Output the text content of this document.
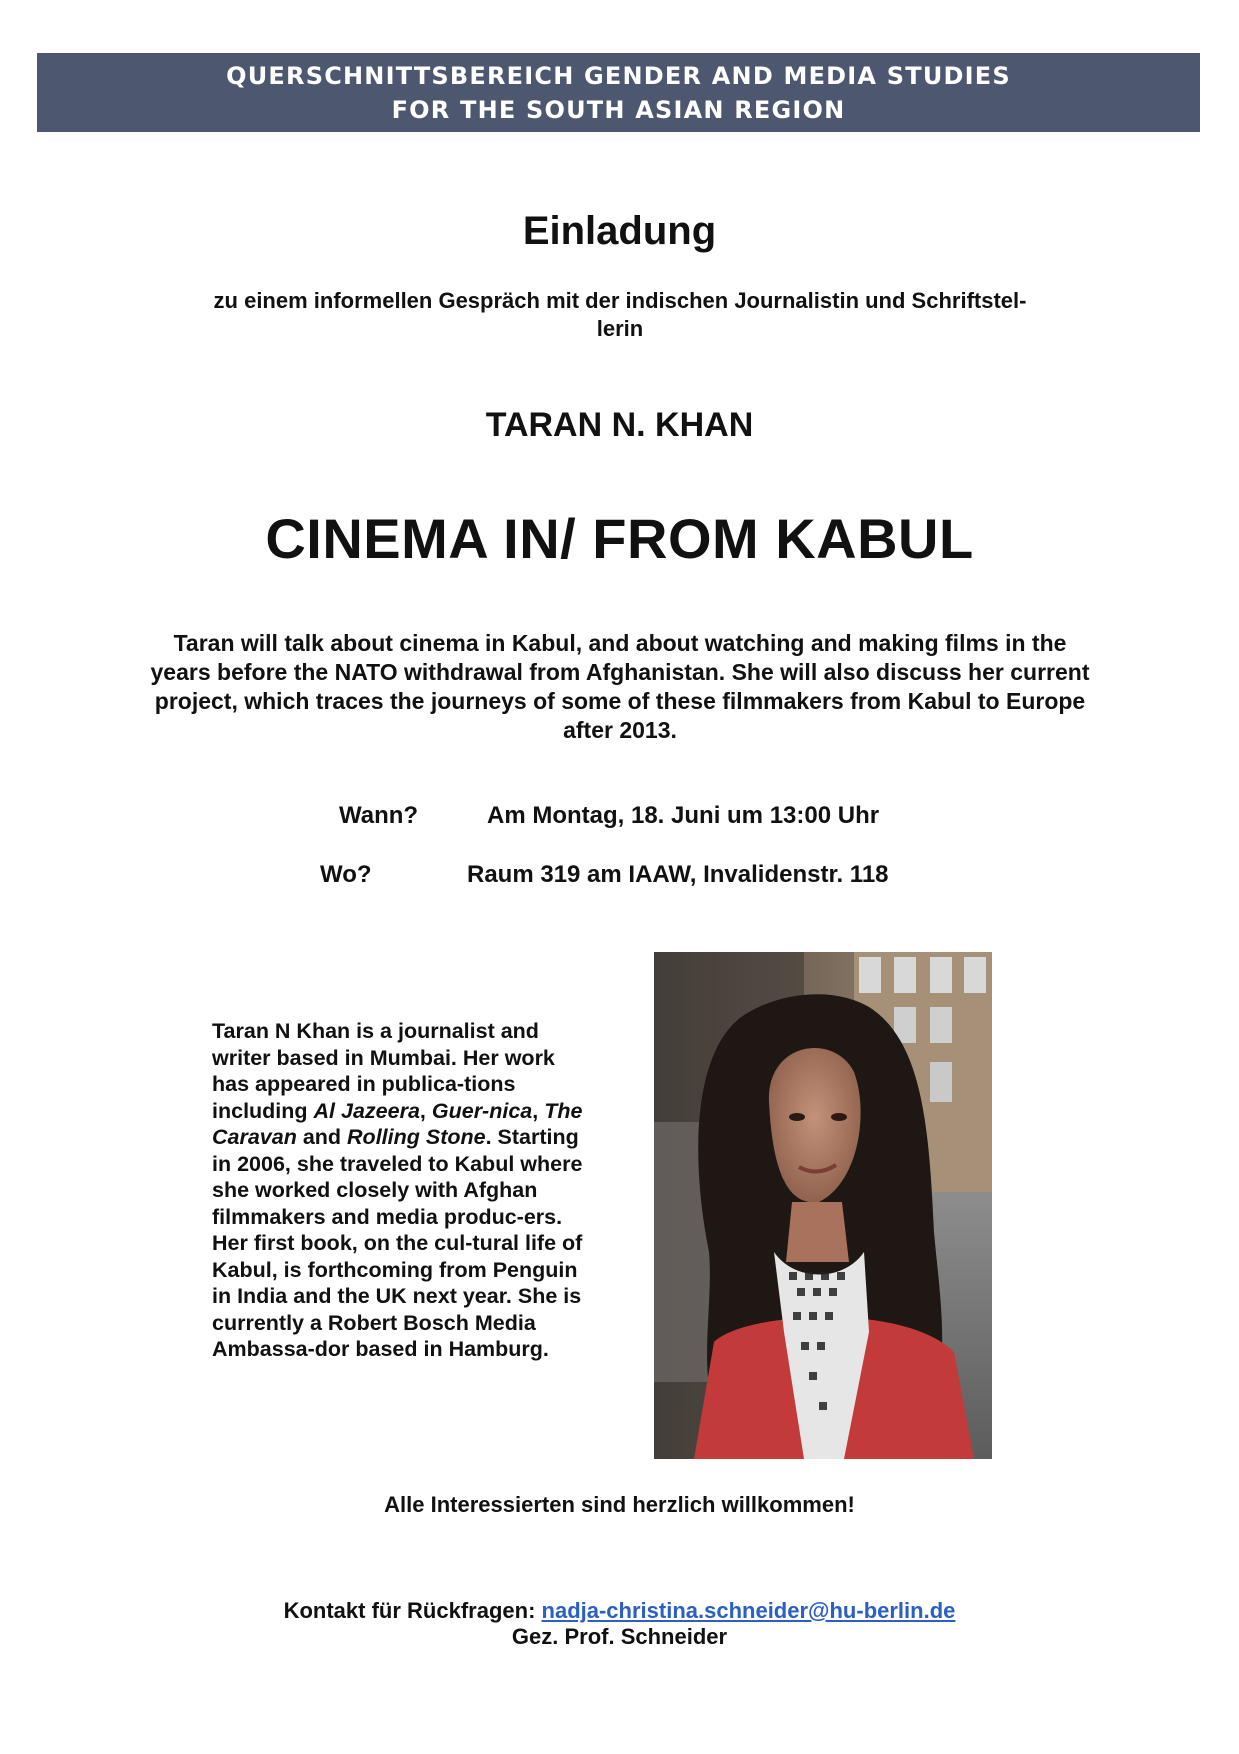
QUERSCHNITTSBEREICH GENDER AND MEDIA STUDIES
FOR THE SOUTH ASIAN REGION
Einladung
zu einem informellen Gespräch mit der indischen Journalistin und Schriftstel-
lerin
TARAN N. KHAN
CINEMA IN/ FROM KABUL
Taran will talk about cinema in Kabul, and about watching and making films in the years before the NATO withdrawal from Afghanistan. She will also discuss her current project, which traces the journeys of some of these filmmakers from Kabul to Europe after 2013.
Wann?	Am Montag, 18. Juni um 13:00 Uhr
Wo?	Raum 319 am IAAW, Invalidenstr. 118
Taran N Khan is a journalist and writer based in Mumbai. Her work has appeared in publica-tions including Al Jazeera, Guer-nica, The Caravan and Rolling Stone. Starting in 2006, she traveled to Kabul where she worked closely with Afghan filmmakers and media produc-ers. Her first book, on the cul-tural life of Kabul, is forthcoming from Penguin in India and the UK next year. She is currently a Robert Bosch Media Ambassa-dor based in Hamburg.
Alle Interessierten sind herzlich willkommen!
Kontakt für Rückfragen: nadja-christina.schneider@hu-berlin.de
Gez. Prof. Schneider
